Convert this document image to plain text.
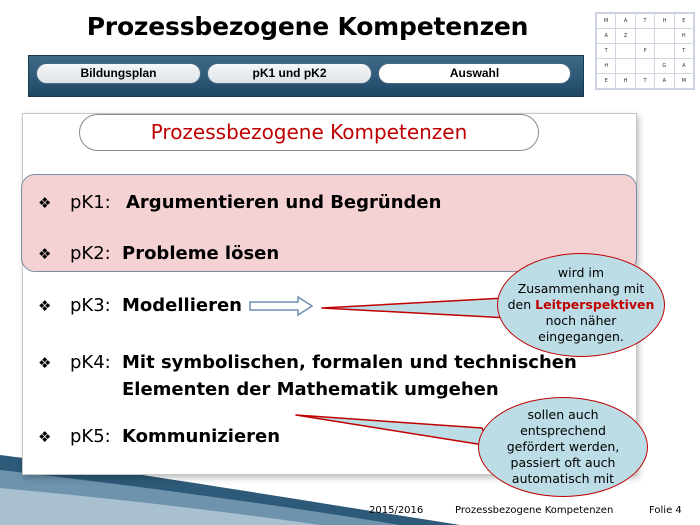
Prozessbezogene Kompetenzen
Bildungsplan	pK1 und pK2	Auswahl
M	A	T	H	E
A	Z			H
T		P		T
H			G	A
E	H	T	A	M
Prozessbezogene Kompetenzen
❖ pK1: Argumentieren und Begründen
❖ pK2: Probleme lösen
❖ pK3: Modellieren
❖ pK4: Mit symbolischen, formalen und technischen
Elementen der Mathematik umgehen
❖ pK5: Kommunizieren
wird im
Zusammenhang mit
den Leitperspektiven
noch näher
eingegangen.
sollen auch
entsprechend
gefördert werden,
passiert oft auch
automatisch mit
2015/2016	Prozessbezogene Kompetenzen	Folie 4
